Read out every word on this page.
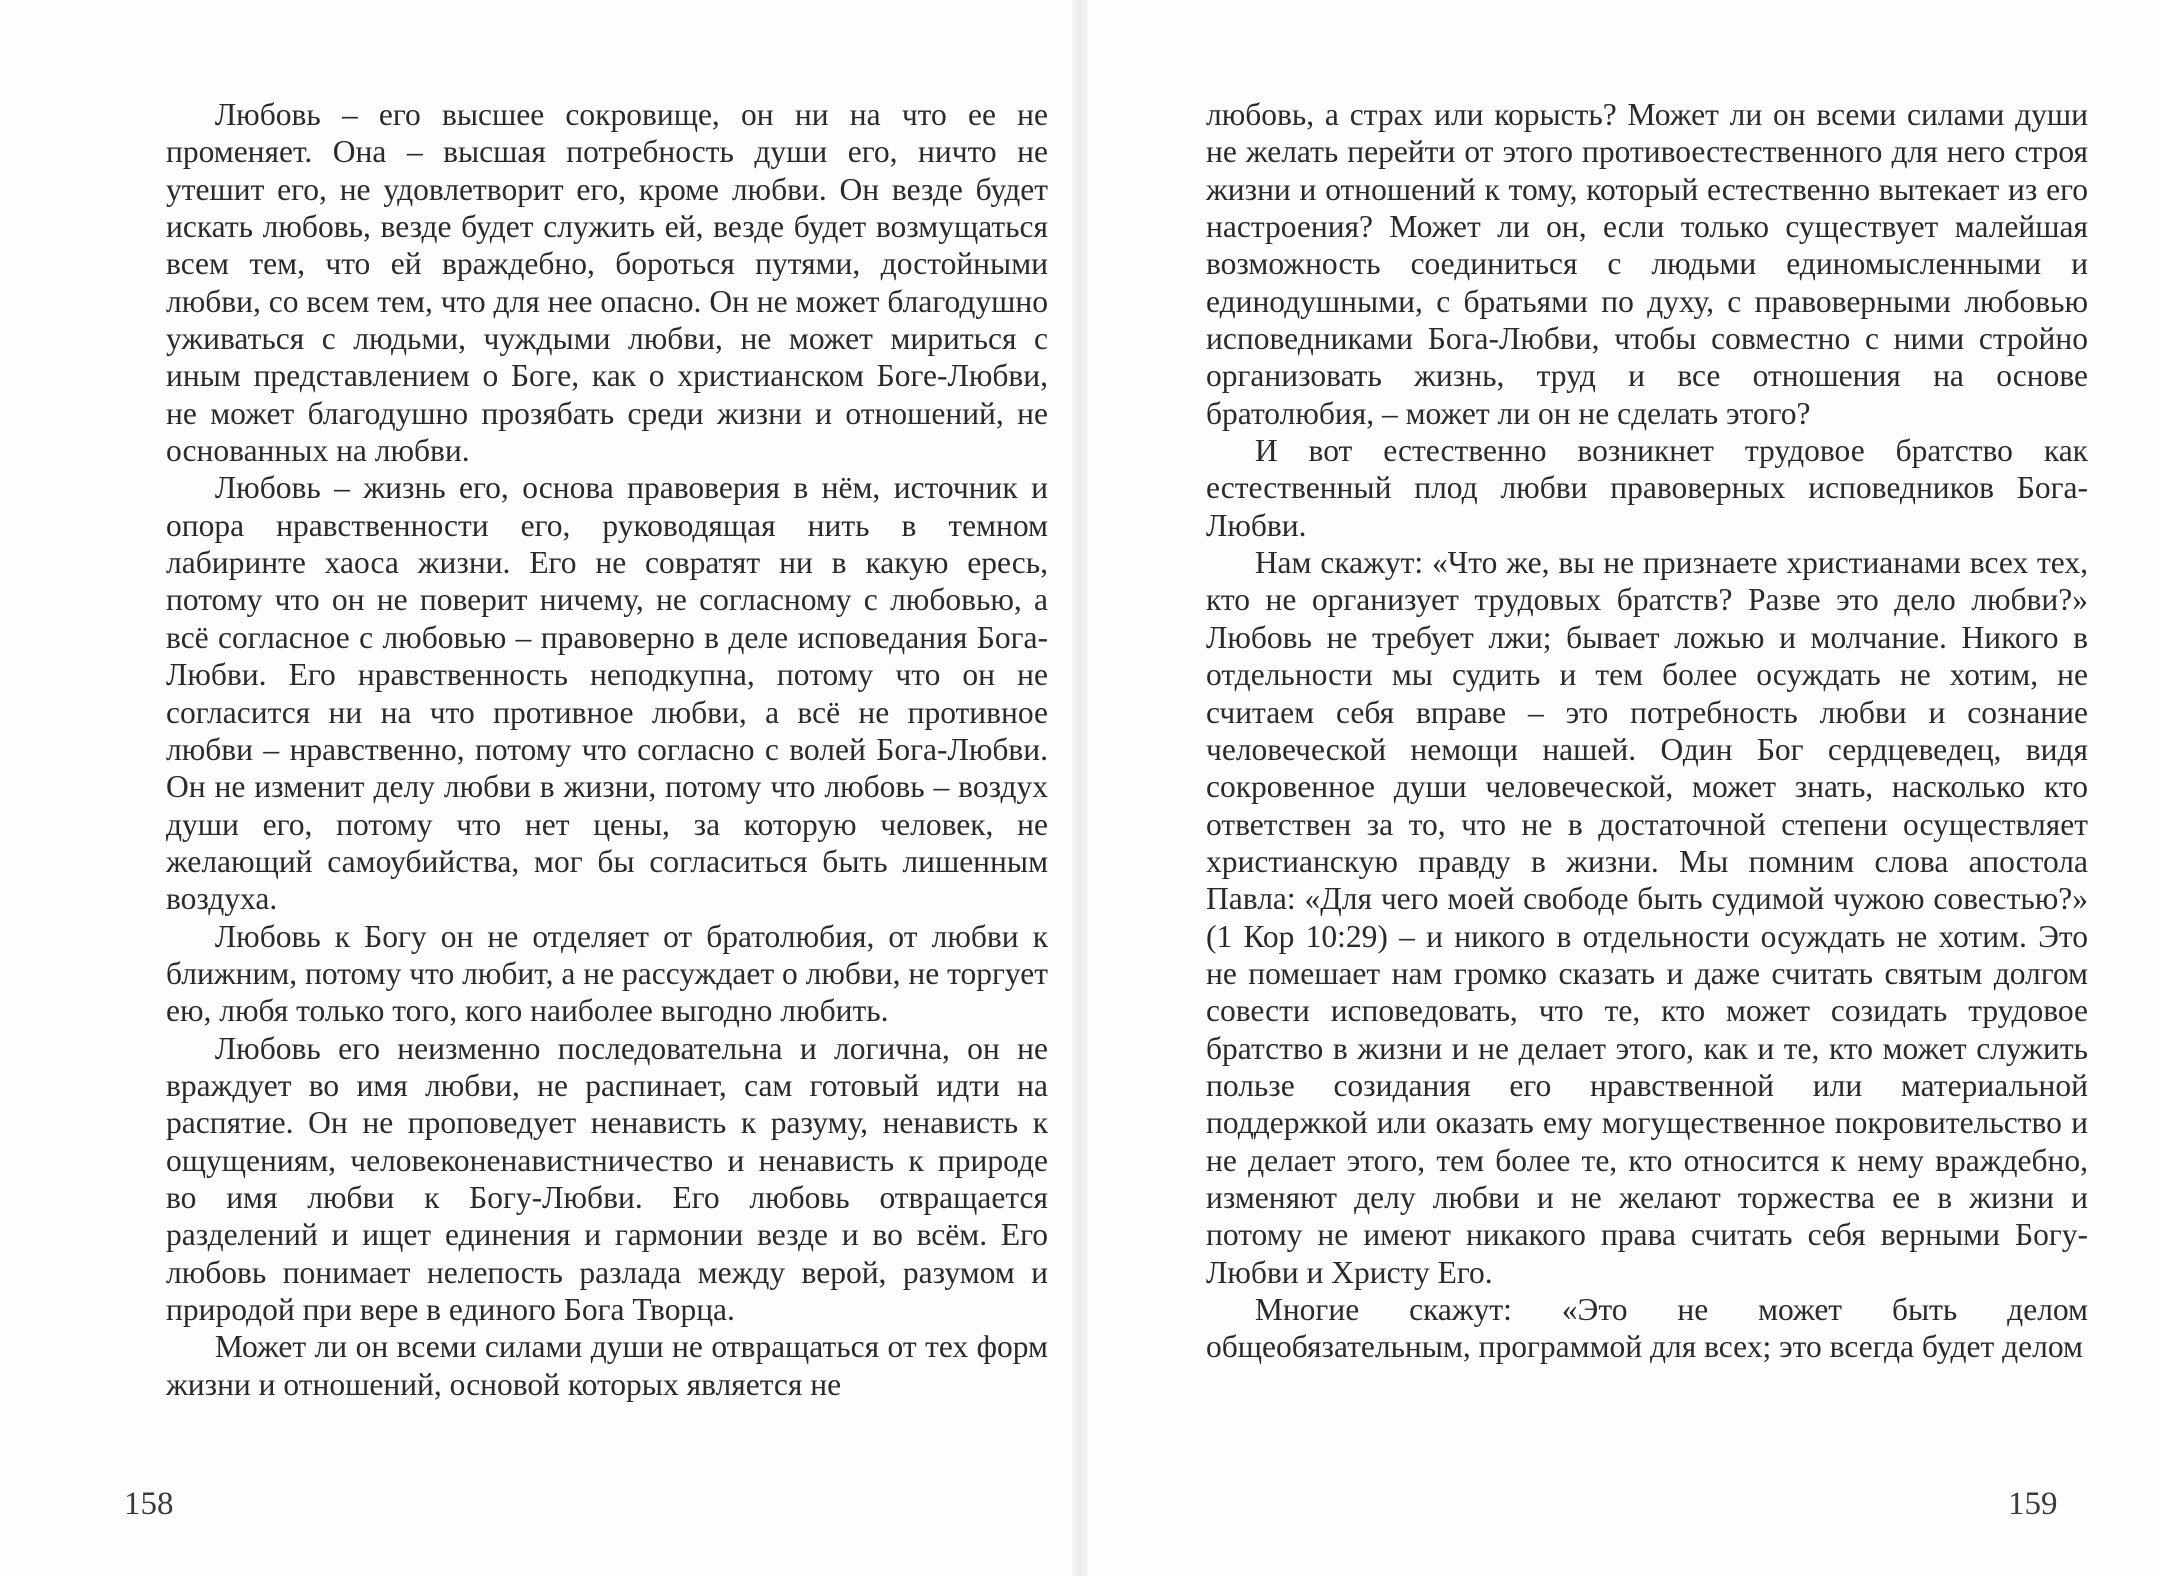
Любовь – его высшее сокровище, он ни на что ее не променяет. Она – высшая потребность души его, ничто не утешит его, не удовлетворит его, кроме любви. Он везде будет искать любовь, везде будет служить ей, везде будет возмущаться всем тем, что ей враждебно, бороться путями, достойными любви, со всем тем, что для нее опасно. Он не может благодушно уживаться с людьми, чуждыми любви, не может мириться с иным представлением о Боге, как о христианском Боге-Любви, не может благодушно прозябать среди жизни и отношений, не основанных на любви.

Любовь – жизнь его, основа правоверия в нём, источник и опора нравственности его, руководящая нить в темном лабиринте хаоса жизни. Его не совратят ни в какую ересь, потому что он не поверит ничему, не согласному с любовью, а всё согласное с любовью – правоверно в деле исповедания Бога-Любви. Его нравственность неподкупна, потому что он не согласится ни на что противное любви, а всё не противное любви – нравственно, потому что согласно с волей Бога-Любви. Он не изменит делу любви в жизни, потому что любовь – воздух души его, потому что нет цены, за которую человек, не желающий самоубийства, мог бы согласиться быть лишенным воздуха.

Любовь к Богу он не отделяет от братолюбия, от любви к ближним, потому что любит, а не рассуждает о любви, не торгует ею, любя только того, кого наиболее выгодно любить.

Любовь его неизменно последовательна и логична, он не враждует во имя любви, не распинает, сам готовый идти на распятие. Он не проповедует ненависть к разуму, ненависть к ощущениям, человеконенавистничество и ненависть к природе во имя любви к Богу-Любви. Его любовь отвращается разделений и ищет единения и гармонии везде и во всём. Его любовь понимает нелепость разлада между верой, разумом и природой при вере в единого Бога Творца.

Может ли он всеми силами души не отвращаться от тех форм жизни и отношений, основой которых является не

любовь, а страх или корысть? Может ли он всеми силами души не желать перейти от этого противоестественного для него строя жизни и отношений к тому, который естественно вытекает из его настроения? Может ли он, если только существует малейшая возможность соединиться с людьми единомысленными и единодушными, с братьями по духу, с правоверными любовью исповедниками Бога-Любви, чтобы совместно с ними стройно организовать жизнь, труд и все отношения на основе братолюбия, – может ли он не сделать этого?

И вот естественно возникнет трудовое братство как естественный плод любви правоверных исповедников Бога-Любви.

Нам скажут: «Что же, вы не признаете христианами всех тех, кто не организует трудовых братств? Разве это дело любви?» Любовь не требует лжи; бывает ложью и молчание. Никого в отдельности мы судить и тем более осуждать не хотим, не считаем себя вправе – это потребность любви и сознание человеческой немощи нашей. Один Бог сердцеведец, видя сокровенное души человеческой, может знать, насколько кто ответствен за то, что не в достаточной степени осуществляет христианскую правду в жизни. Мы помним слова апостола Павла: «Для чего моей свободе быть судимой чужою совестью?» (1 Кор 10:29) – и никого в отдельности осуждать не хотим. Это не помешает нам громко сказать и даже считать святым долгом совести исповедовать, что те, кто может созидать трудовое братство в жизни и не делает этого, как и те, кто может служить пользе созидания его нравственной или материальной поддержкой или оказать ему могущественное покровительство и не делает этого, тем более те, кто относится к нему враждебно, изменяют делу любви и не желают торжества ее в жизни и потому не имеют никакого права считать себя верными Богу-Любви и Христу Его.

Многие скажут: «Это не может быть делом общеобязательным, программой для всех; это всегда будет делом

158	159
